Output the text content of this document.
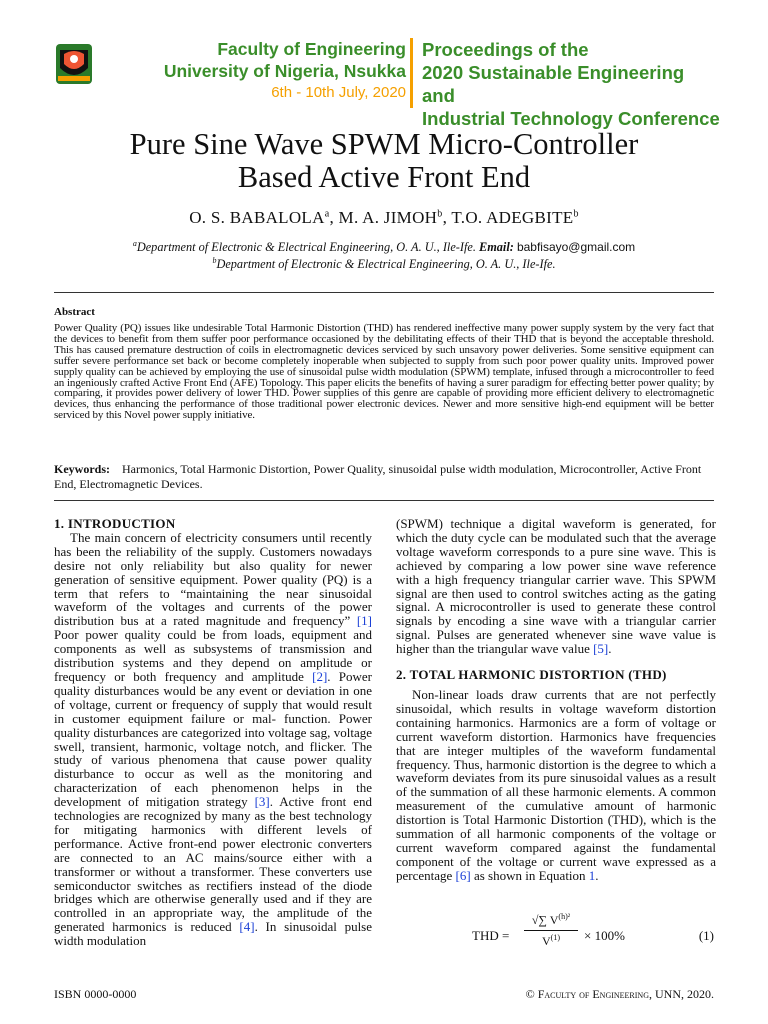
Faculty of Engineering
University of Nigeria, Nsukka
6th - 10th July, 2020
Proceedings of the
2020 Sustainable Engineering and
Industrial Technology Conference
Pure Sine Wave SPWM Micro-Controller
Based Active Front End
O. S. BABALOLA$^a$, M. A. JIMOH$^b$, T.O. ADEGBITE$^b$
$^a$Department of Electronic & Electrical Engineering, O. A. U., Ile-Ife. Email: babfisayo@gmail.com
$^b$Department of Electronic & Electrical Engineering, O. A. U., Ile-Ife.
Abstract
Power Quality (PQ) issues like undesirable Total Harmonic Distortion (THD) has rendered ineffective many power supply system by the very fact that the devices to benefit from them suffer poor performance occasioned by the debilitating effects of their THD that is beyond the acceptable threshold. This has caused premature destruction of coils in electromagnetic devices serviced by such unsavory power deliveries. Some sensitive equipment can suffer severe performance set back or become completely inoperable when subjected to supply from such poor power quality units. Improved power supply quality can be achieved by employing the use of sinusoidal pulse width modulation (SPWM) template, infused through a microcontroller to feed an ingeniously crafted Active Front End (AFE) Topology. This paper elicits the benefits of having a surer paradigm for effecting better power quality; by comparing, it provides power delivery of lower THD. Power supplies of this genre are capable of providing more efficient delivery to electromagnetic devices, thus enhancing the performance of those traditional power electronic devices. Newer and more sensitive high-end equipment will be better serviced by this Novel power supply initiative.
Keywords: Harmonics, Total Harmonic Distortion, Power Quality, sinusoidal pulse width modulation, Microcontroller, Active Front End, Electromagnetic Devices.
1. INTRODUCTION

The main concern of electricity consumers until recently has been the reliability of the supply. Customers nowadays desire not only reliability but also quality for newer generation of sensitive equipment. Power quality (PQ) is a term that refers to “maintaining the near sinusoidal waveform of the voltages and currents of the power distribution bus at a rated magnitude and frequency” [1] Poor power quality could be from loads, equipment and components as well as subsystems of transmission and distribution systems and they depend on amplitude or frequency or both frequency and amplitude [2]. Power quality disturbances would be any event or deviation in one of voltage, current or frequency of supply that would result in customer equipment failure or mal- function. Power quality disturbances are categorized into voltage sag, voltage swell, transient, harmonic, voltage notch, and flicker. The study of various phenomena that cause power quality disturbance to occur as well as the monitoring and characterization of each phenomenon helps in the development of mitigation strategy [3]. Active front end technologies are recognized by many as the best technology for mitigating harmonics with different levels of performance. Active front-end power electronic converters are connected to an AC mains/source either with a transformer or without a transformer. These converters use semiconductor switches as rectifiers instead of the diode bridges which are otherwise generally used and if they are controlled in an appropriate way, the amplitude of the generated harmonics is reduced [4]. In sinusoidal pulse width modulation

(SPWM) technique a digital waveform is generated, for which the duty cycle can be modulated such that the average voltage waveform corresponds to a pure sine wave. This is achieved by comparing a low power sine wave reference with a high frequency triangular carrier wave. This SPWM signal are then used to control switches acting as the gating signal. A microcontroller is used to generate these control signals by encoding a sine wave with a triangular carrier signal. Pulses are generated whenever sine wave value is higher than the triangular wave value [5].

2. TOTAL HARMONIC DISTORTION (THD)

Non-linear loads draw currents that are not perfectly sinusoidal, which results in voltage waveform distortion containing harmonics. Harmonics are a form of voltage or current waveform distortion. Harmonics have frequencies that are integer multiples of the waveform fundamental frequency. Thus, harmonic distortion is the degree to which a waveform deviates from its pure sinusoidal values as a result of the summation of all these harmonic elements. A common measurement of the cumulative amount of harmonic distortion is Total Harmonic Distortion (THD), which is the summation of all harmonic components of the voltage or current waveform compared against the fundamental component of the voltage or current wave expressed as a percentage [6] as shown in Equation 1.

THD = $\frac{√\sum V^{(h)^2}}{V^{(1)}} \times 100\%$	(1)
ISBN 0000-0000	© Faculty of Engineering, UNN, 2020.
